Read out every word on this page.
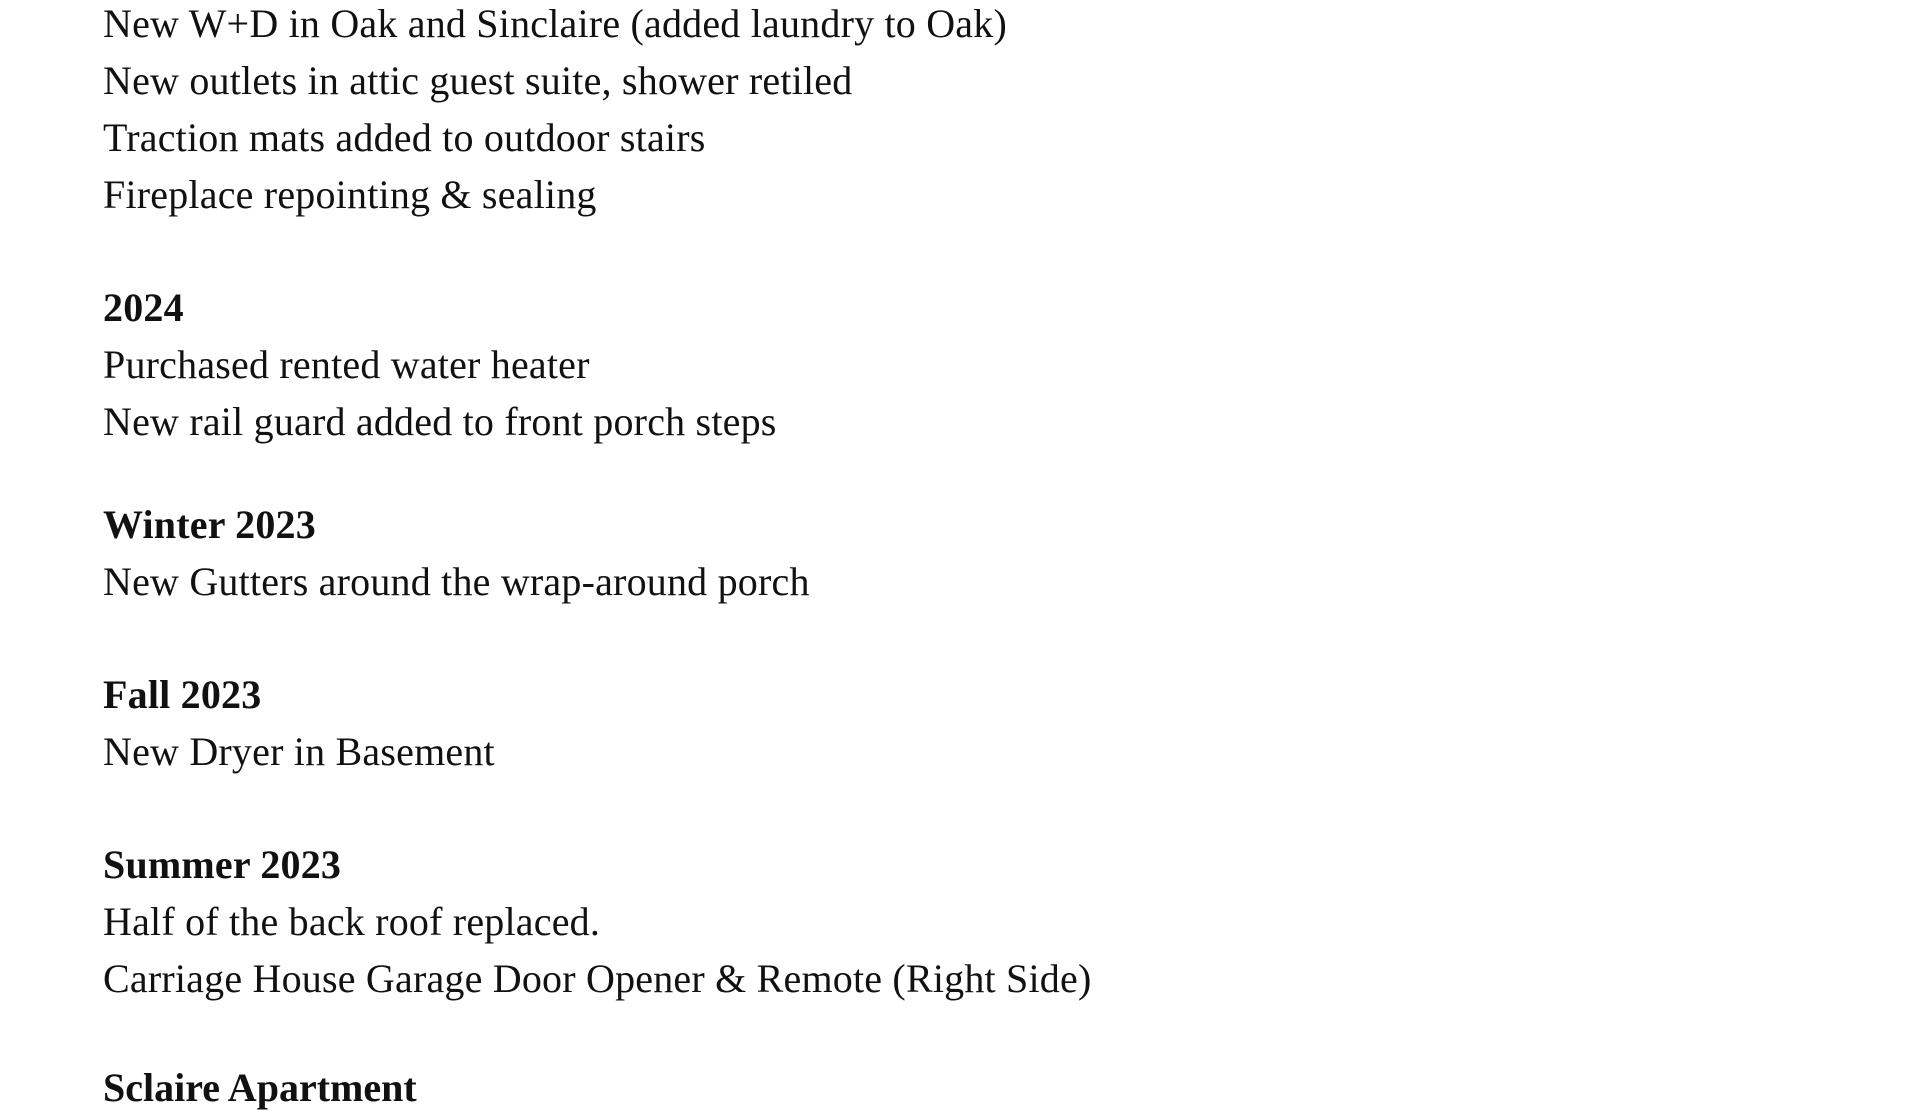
New W+D in Oak and Sinclaire (added laundry to Oak)
New outlets in attic guest suite, shower retiled
Traction mats added to outdoor stairs
Fireplace repointing & sealing
2024
Purchased rented water heater
New rail guard added to front porch steps
Winter 2023
New Gutters around the wrap-around porch
Fall 2023
New Dryer in Basement
Summer 2023
Half of the back roof replaced.
Carriage House Garage Door Opener & Remote (Right Side)
Sclaire Apartment
